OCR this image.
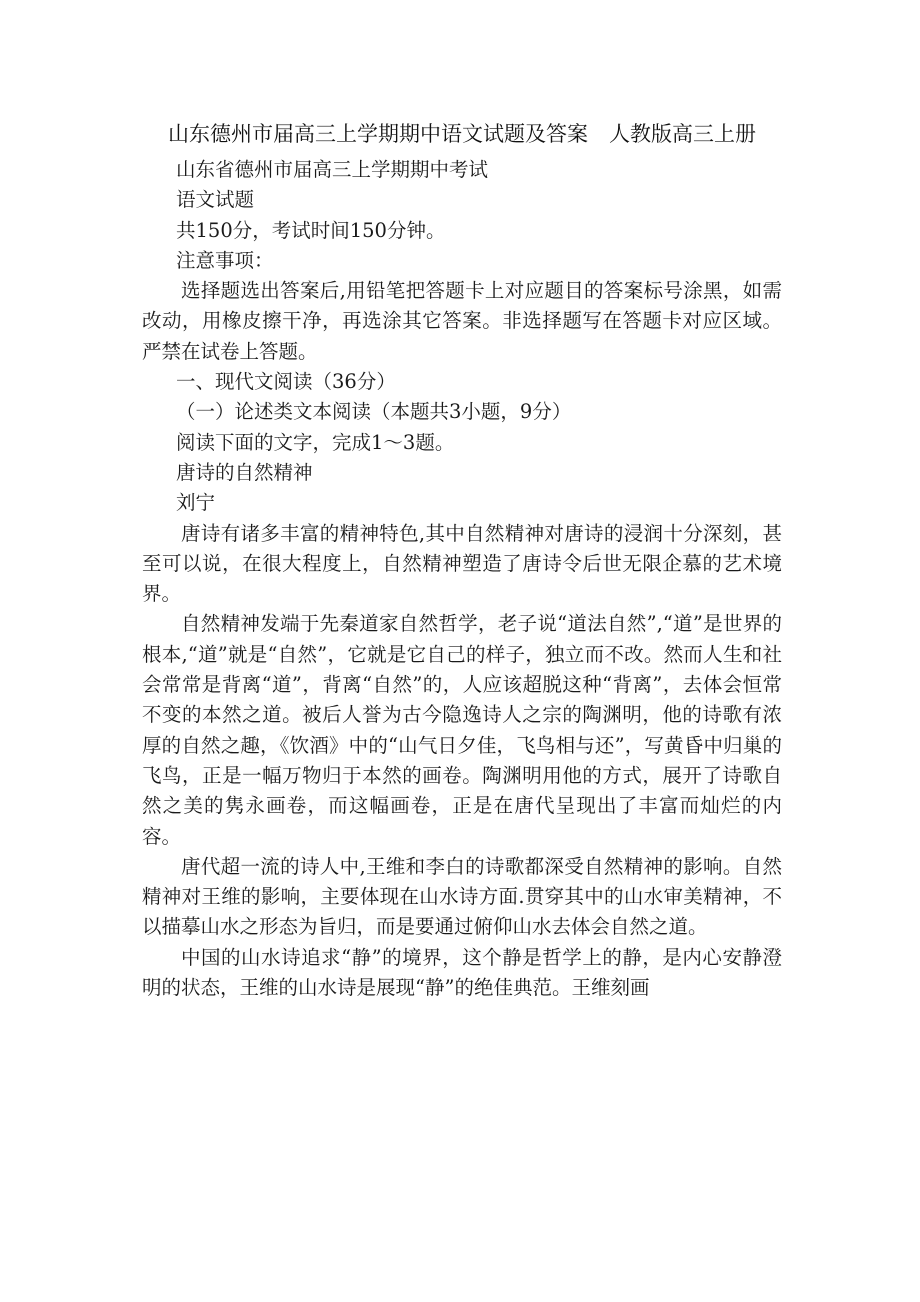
山东德州市届高三上学期期中语文试题及答案　人教版高三上册

山东省德州市届高三上学期期中考试

语文试题

共150分，考试时间150分钟。

注意事项：

选择题选出答案后,用铅笔把答题卡上对应题目的答案标号涂黑，如需改动，用橡皮擦干净，再选涂其它答案。非选择题写在答题卡对应区域。严禁在试卷上答题。

一、现代文阅读（36分）

（一）论述类文本阅读（本题共3小题，9分）

阅读下面的文字，完成1～3题。

唐诗的自然精神

刘宁

唐诗有诸多丰富的精神特色,其中自然精神对唐诗的浸润十分深刻，甚至可以说，在很大程度上，自然精神塑造了唐诗令后世无限企慕的艺术境界。

自然精神发端于先秦道家自然哲学，老子说“道法自然”,“道”是世界的根本,“道”就是“自然”，它就是它自己的样子，独立而不改。然而人生和社会常常是背离“道”，背离“自然”的，人应该超脱这种“背离”，去体会恒常不变的本然之道。被后人誉为古今隐逸诗人之宗的陶渊明，他的诗歌有浓厚的自然之趣，《饮酒》中的“山气日夕佳，飞鸟相与还”，写黄昏中归巢的飞鸟，正是一幅万物归于本然的画卷。陶渊明用他的方式，展开了诗歌自然之美的隽永画卷，而这幅画卷，正是在唐代呈现出了丰富而灿烂的内容。

唐代超一流的诗人中,王维和李白的诗歌都深受自然精神的影响。自然精神对王维的影响，主要体现在山水诗方面.贯穿其中的山水审美精神，不以描摹山水之形态为旨归，而是要通过俯仰山水去体会自然之道。

中国的山水诗追求“静”的境界，这个静是哲学上的静，是内心安静澄明的状态，王维的山水诗是展现“静”的绝佳典范。王维刻画
